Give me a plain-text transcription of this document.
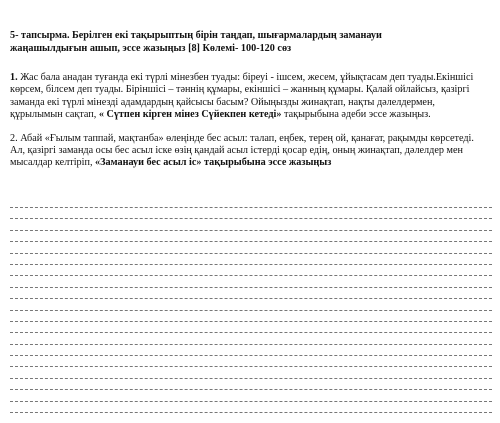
5- тапсырма. Берілген екі тақырыптың бірін таңдап, шығармалардың заманауи жаңашылдығын ашып, эссе жазыңыз [8] Көлемі- 100-120 сөз
1. Жас бала анадан туғанда екі түрлі мінезбен туады: біреуі - ішсем, жесем, ұйықтасам деп туады.Екіншісі көрсем, білсем деп туады. Біріншісі – тәннің құмары, екіншісі – жанның құмары. Қалай ойлайсыз, қазіргі заманда екі түрлі мінезді адамдардың қайсысы басым? Ойыңызды жинақтап, нақты дәлелдермен, құрылымын сақтап, « Сүтпен кірген мінез Сүйекпен кетеді» тақырыбына әдеби эссе жазыңыз.
2. Абай «Ғылым таппай, мақтанба» өлеңінде бес асыл: талап, еңбек, терең ой, қанағат, рақымды көрсетеді. Ал, қазіргі заманда осы бес асыл іске өзің қандай асыл істерді қосар едің, оның жинақтап, дәлелдер мен мысалдар келтіріп, «Заманауи бес асыл іс» тақырыбына эссе жазыңыз
